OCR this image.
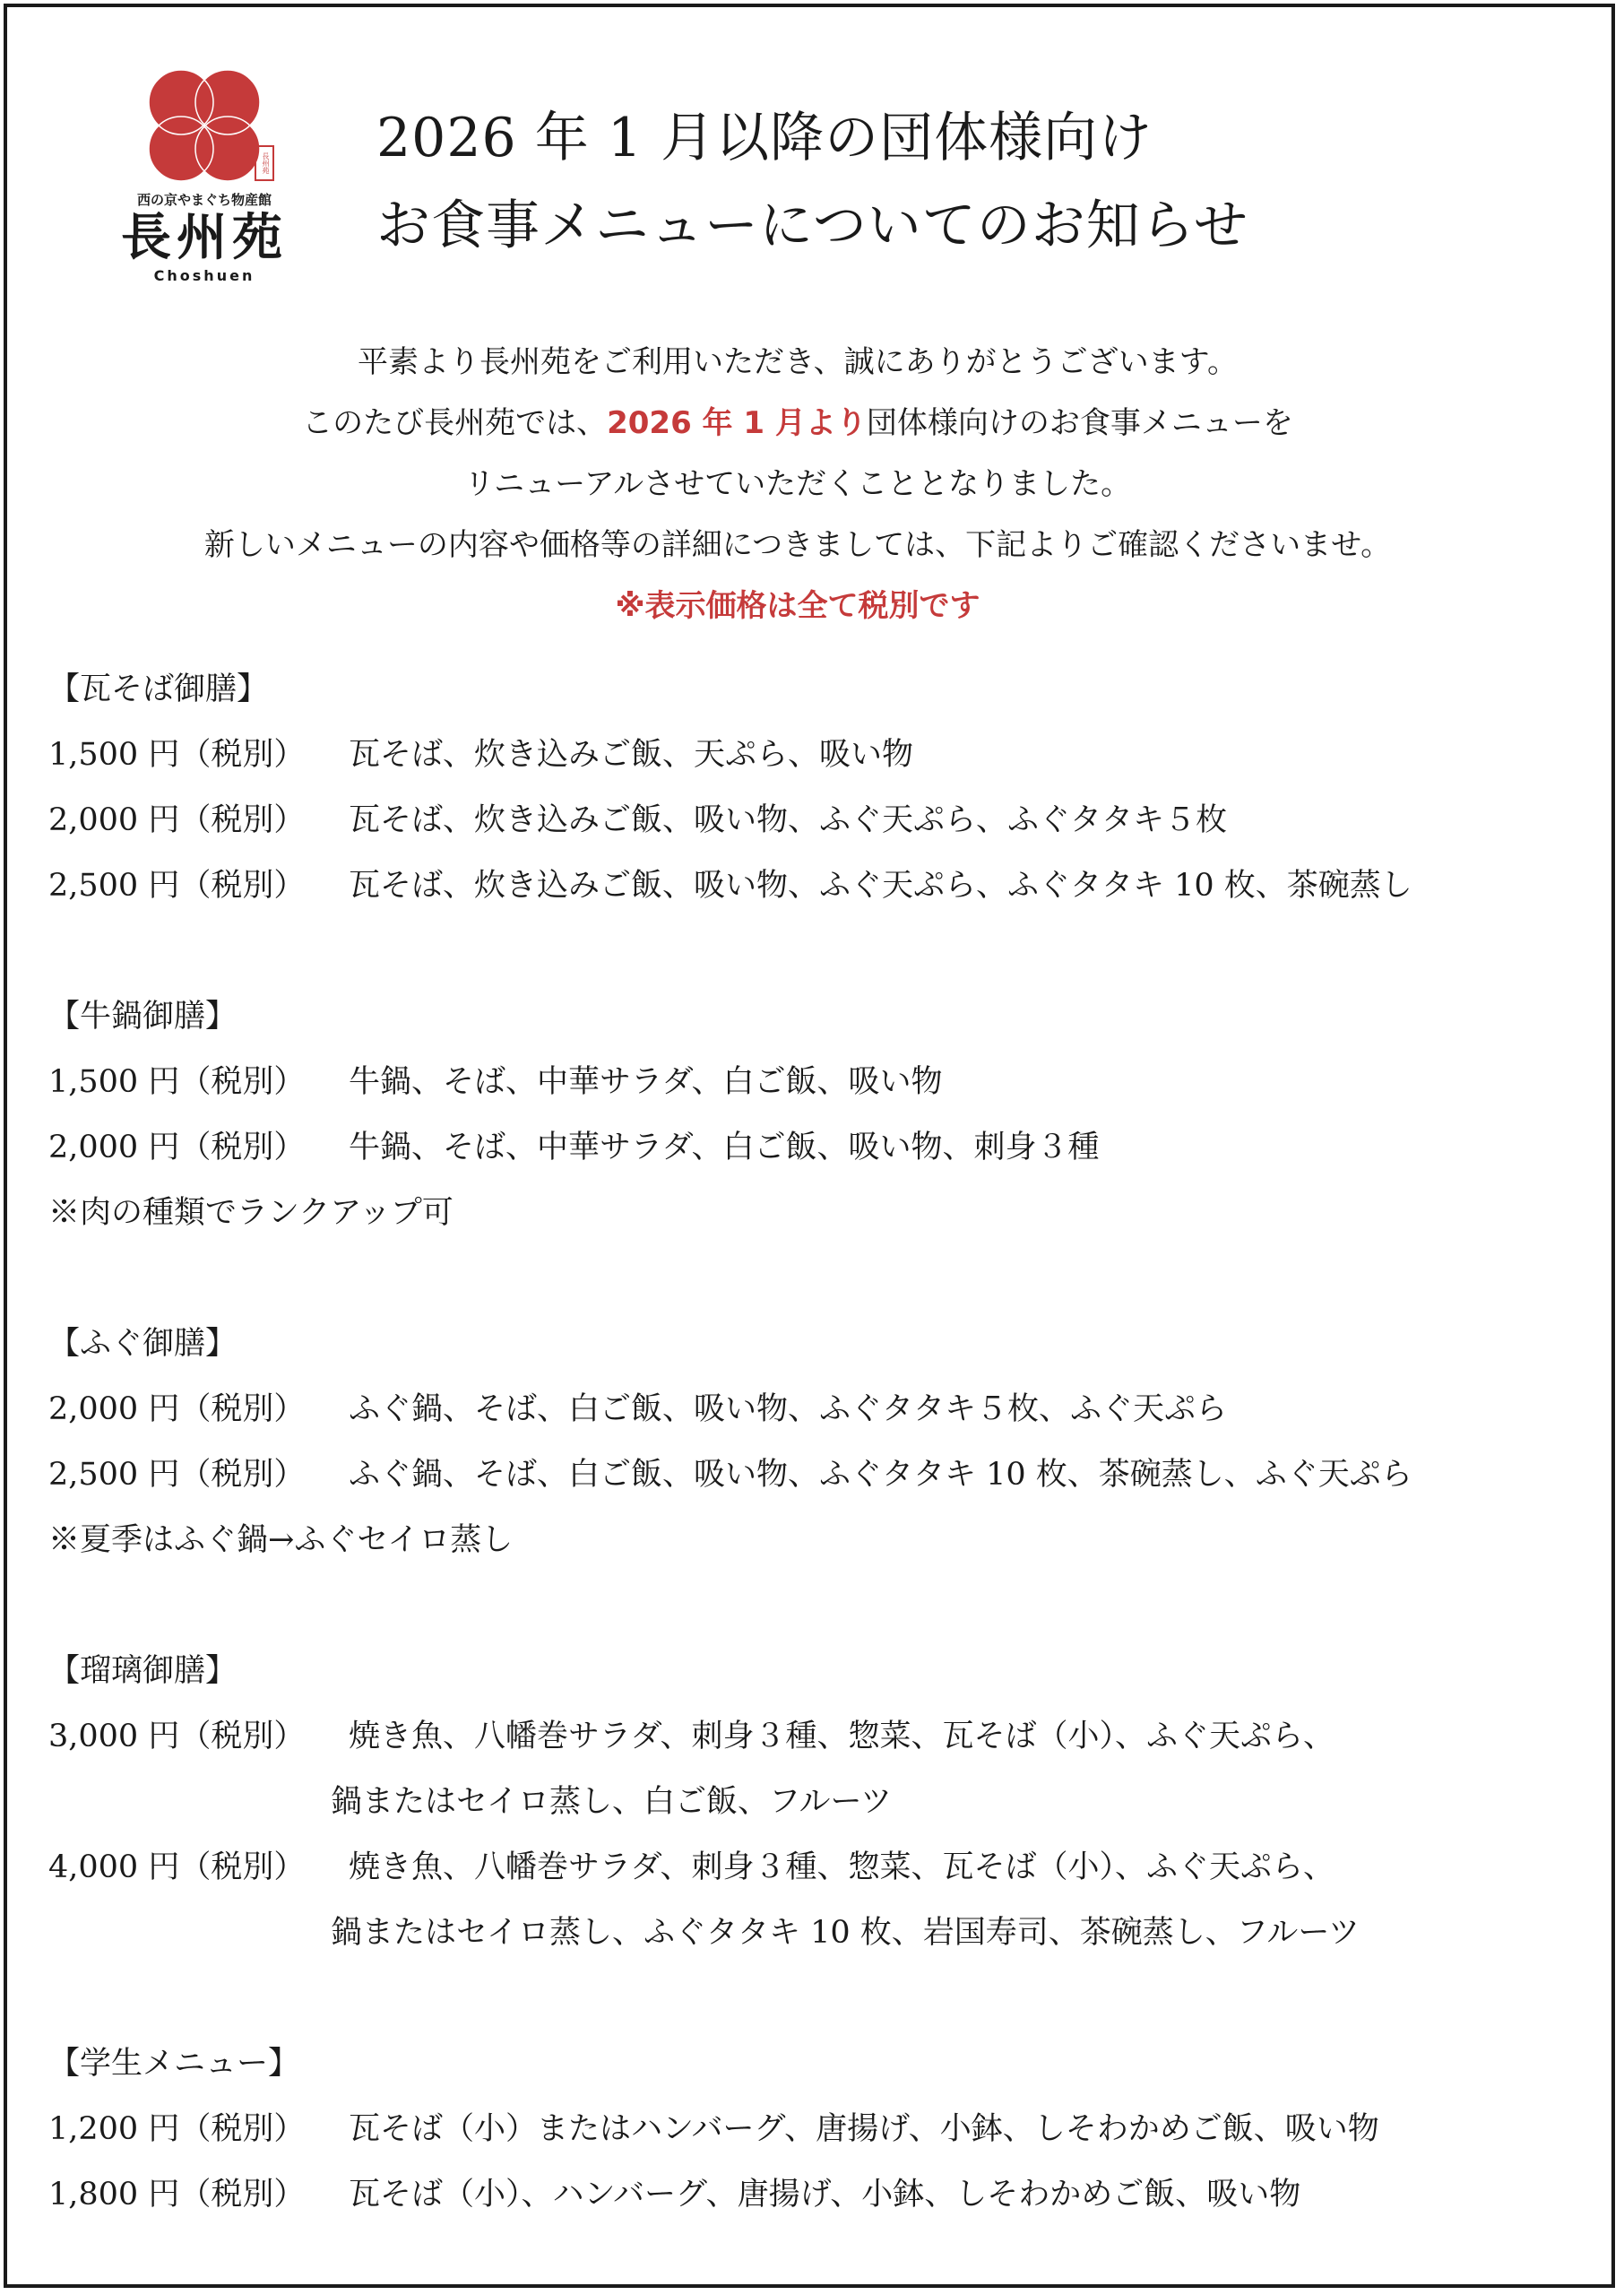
長州苑
西の京やまぐち物産館
長州苑
Choshuen
2026 年 1 月以降の団体様向け
お食事メニューについてのお知らせ
平素より長州苑をご利用いただき、誠にありがとうございます。
このたび長州苑では、2026 年 1 月より団体様向けのお食事メニューを
リニューアルさせていただくこととなりました。
新しいメニューの内容や価格等の詳細につきましては、下記よりご確認くださいませ。
※表示価格は全て税別です
【瓦そば御膳】
1,500 円（税別）	瓦そば、炊き込みご飯、天ぷら、吸い物
2,000 円（税別）	瓦そば、炊き込みご飯、吸い物、ふぐ天ぷら、ふぐタタキ５枚
2,500 円（税別）	瓦そば、炊き込みご飯、吸い物、ふぐ天ぷら、ふぐタタキ 10 枚、茶碗蒸し
【牛鍋御膳】
1,500 円（税別）	牛鍋、そば、中華サラダ、白ご飯、吸い物
2,000 円（税別）	牛鍋、そば、中華サラダ、白ご飯、吸い物、刺身３種
※肉の種類でランクアップ可
【ふぐ御膳】
2,000 円（税別）	ふぐ鍋、そば、白ご飯、吸い物、ふぐタタキ５枚、ふぐ天ぷら
2,500 円（税別）	ふぐ鍋、そば、白ご飯、吸い物、ふぐタタキ 10 枚、茶碗蒸し、ふぐ天ぷら
※夏季はふぐ鍋→ふぐセイロ蒸し
【瑠璃御膳】
3,000 円（税別）	焼き魚、八幡巻サラダ、刺身３種、惣菜、瓦そば（小）、ふぐ天ぷら、
鍋またはセイロ蒸し、白ご飯、フルーツ
4,000 円（税別）	焼き魚、八幡巻サラダ、刺身３種、惣菜、瓦そば（小）、ふぐ天ぷら、
鍋またはセイロ蒸し、ふぐタタキ 10 枚、岩国寿司、茶碗蒸し、フルーツ
【学生メニュー】
1,200 円（税別）	瓦そば（小）またはハンバーグ、唐揚げ、小鉢、しそわかめご飯、吸い物
1,800 円（税別）	瓦そば（小）、ハンバーグ、唐揚げ、小鉢、しそわかめご飯、吸い物
